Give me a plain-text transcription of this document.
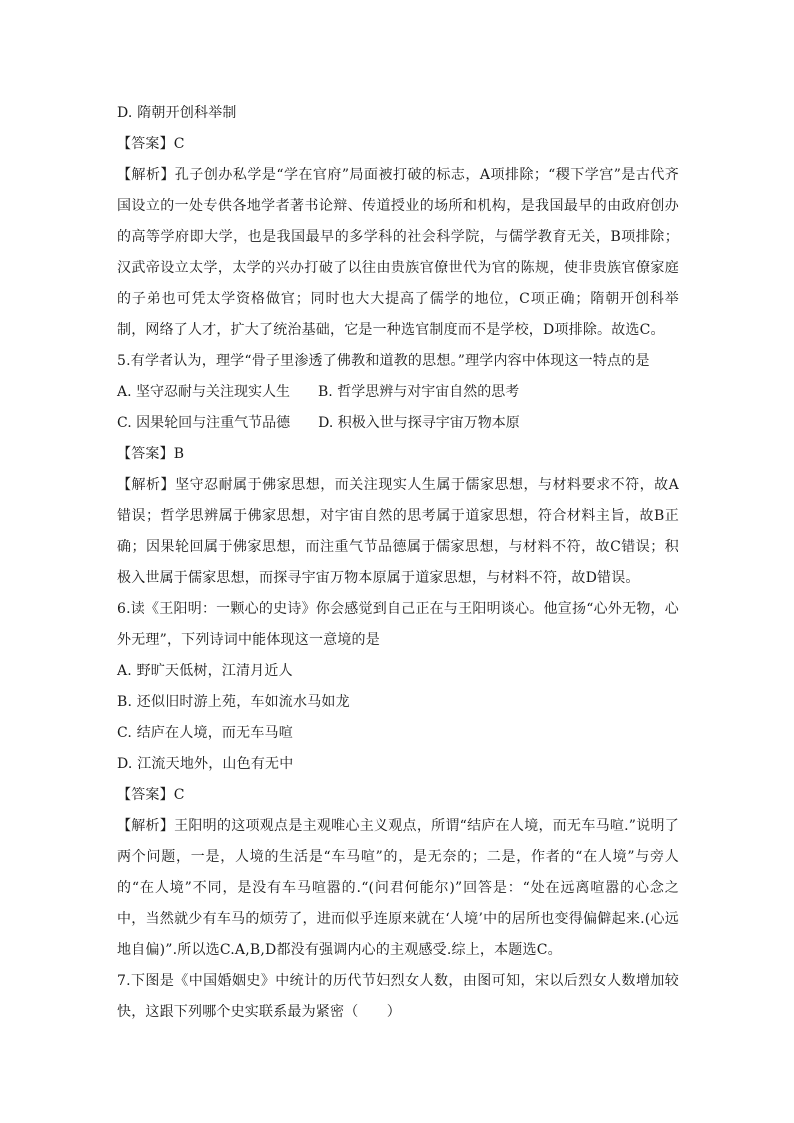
D. 隋朝开创科举制
【答案】C
【解析】孔子创办私学是“学在官府”局面被打破的标志，A项排除；“稷下学宫”是古代齐国设立的一处专供各地学者著书论辩、传道授业的场所和机构，是我国最早的由政府创办的高等学府即大学，也是我国最早的多学科的社会科学院，与儒学教育无关，B项排除；汉武帝设立太学，太学的兴办打破了以往由贵族官僚世代为官的陈规，使非贵族官僚家庭的子弟也可凭太学资格做官；同时也大大提高了儒学的地位，C项正确；隋朝开创科举制，网络了人才，扩大了统治基础，它是一种选官制度而不是学校，D项排除。故选C。
5.有学者认为，理学“骨子里渗透了佛教和道教的思想。”理学内容中体现这一特点的是
A. 坚守忍耐与关注现实人生 B. 哲学思辨与对宇宙自然的思考
C. 因果轮回与注重气节品德 D. 积极入世与探寻宇宙万物本原
【答案】B
【解析】坚守忍耐属于佛家思想，而关注现实人生属于儒家思想，与材料要求不符，故A错误；哲学思辨属于佛家思想，对宇宙自然的思考属于道家思想，符合材料主旨，故B正确；因果轮回属于佛家思想，而注重气节品德属于儒家思想，与材料不符，故C错误；积极入世属于儒家思想，而探寻宇宙万物本原属于道家思想，与材料不符，故D错误。
6.读《王阳明：一颗心的史诗》你会感觉到自己正在与王阳明谈心。他宣扬“心外无物，心外无理”，下列诗词中能体现这一意境的是
A. 野旷天低树，江清月近人
B. 还似旧时游上苑，车如流水马如龙
C. 结庐在人境，而无车马喧
D. 江流天地外，山色有无中
【答案】C
【解析】王阳明的这项观点是主观唯心主义观点，所谓“结庐在人境，而无车马喧.”说明了两个问题，一是，人境的生活是“车马喧”的，是无奈的；二是，作者的“在人境”与旁人的“在人境”不同，是没有车马喧嚣的.“(问君何能尔)”回答是：“处在远离喧嚣的心念之中，当然就少有车马的烦劳了，进而似乎连原来就在‘人境’中的居所也变得偏僻起来.(心远地自偏)”.所以选C.A,B,D都没有强调内心的主观感受.综上，本题选C。
7.下图是《中国婚姻史》中统计的历代节妇烈女人数，由图可知，宋以后烈女人数增加较快，这跟下列哪个史实联系最为紧密（　　）
